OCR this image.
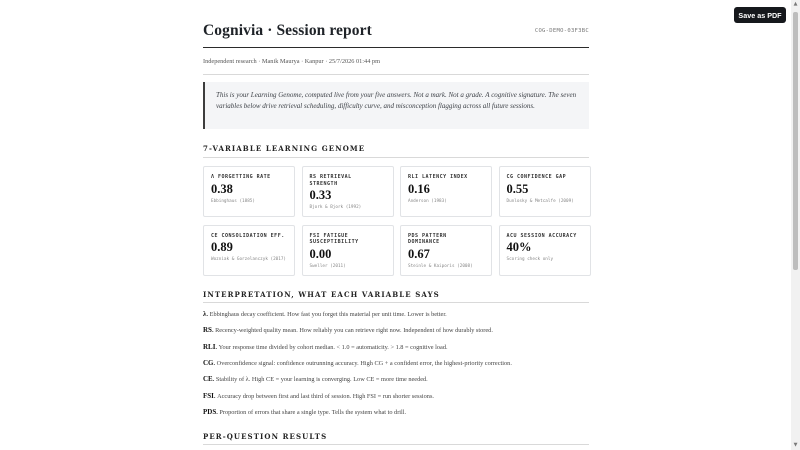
Cognivia · Session report	COG-DEMO-03F3BC
Independent research · Manik Maurya · Kanpur · 25/7/2026 01:44 pm
This is your Learning Genome, computed live from your five answers. Not a mark. Not a grade. A cognitive signature. The seven variables below drive retrieval scheduling, difficulty curve, and misconception flagging across all future sessions.
7-VARIABLE LEARNING GENOME
Λ FORGETTING RATE
0.38
Ebbinghaus (1885)
RS RETRIEVAL
STRENGTH
0.33
Bjork & Bjork (1992)
RLI LATENCY INDEX
0.16
Anderson (1983)
CG CONFIDENCE GAP
0.55
Dunlosky & Metcalfe (2009)
CE CONSOLIDATION EFF.
0.89
Wozniak & Gorzelanczyk (2017)
FSI FATIGUE
SUSCEPTIBILITY
0.00
Sweller (2011)
PDS PATTERN
DOMINANCE
0.67
Steinle & Kaiporis (2008)
ACU SESSION ACCURACY
40%
Scoring check only
INTERPRETATION, WHAT EACH VARIABLE SAYS
λ. Ebbinghaus decay coefficient. How fast you forget this material per unit time. Lower is better.
RS. Recency-weighted quality mean. How reliably you can retrieve right now. Independent of how durably stored.
RLI. Your response time divided by cohort median. < 1.0 = automaticity. > 1.8 = cognitive load.
CG. Overconfidence signal: confidence outrunning accuracy. High CG + a confident error, the highest-priority correction.
CE. Stability of λ. High CE = your learning is converging. Low CE = more time needed.
FSI. Accuracy drop between first and last third of session. High FSI = run shorter sessions.
PDS. Proportion of errors that share a single type. Tells the system what to drill.
PER-QUESTION RESULTS
Save as PDF
▲
▼
